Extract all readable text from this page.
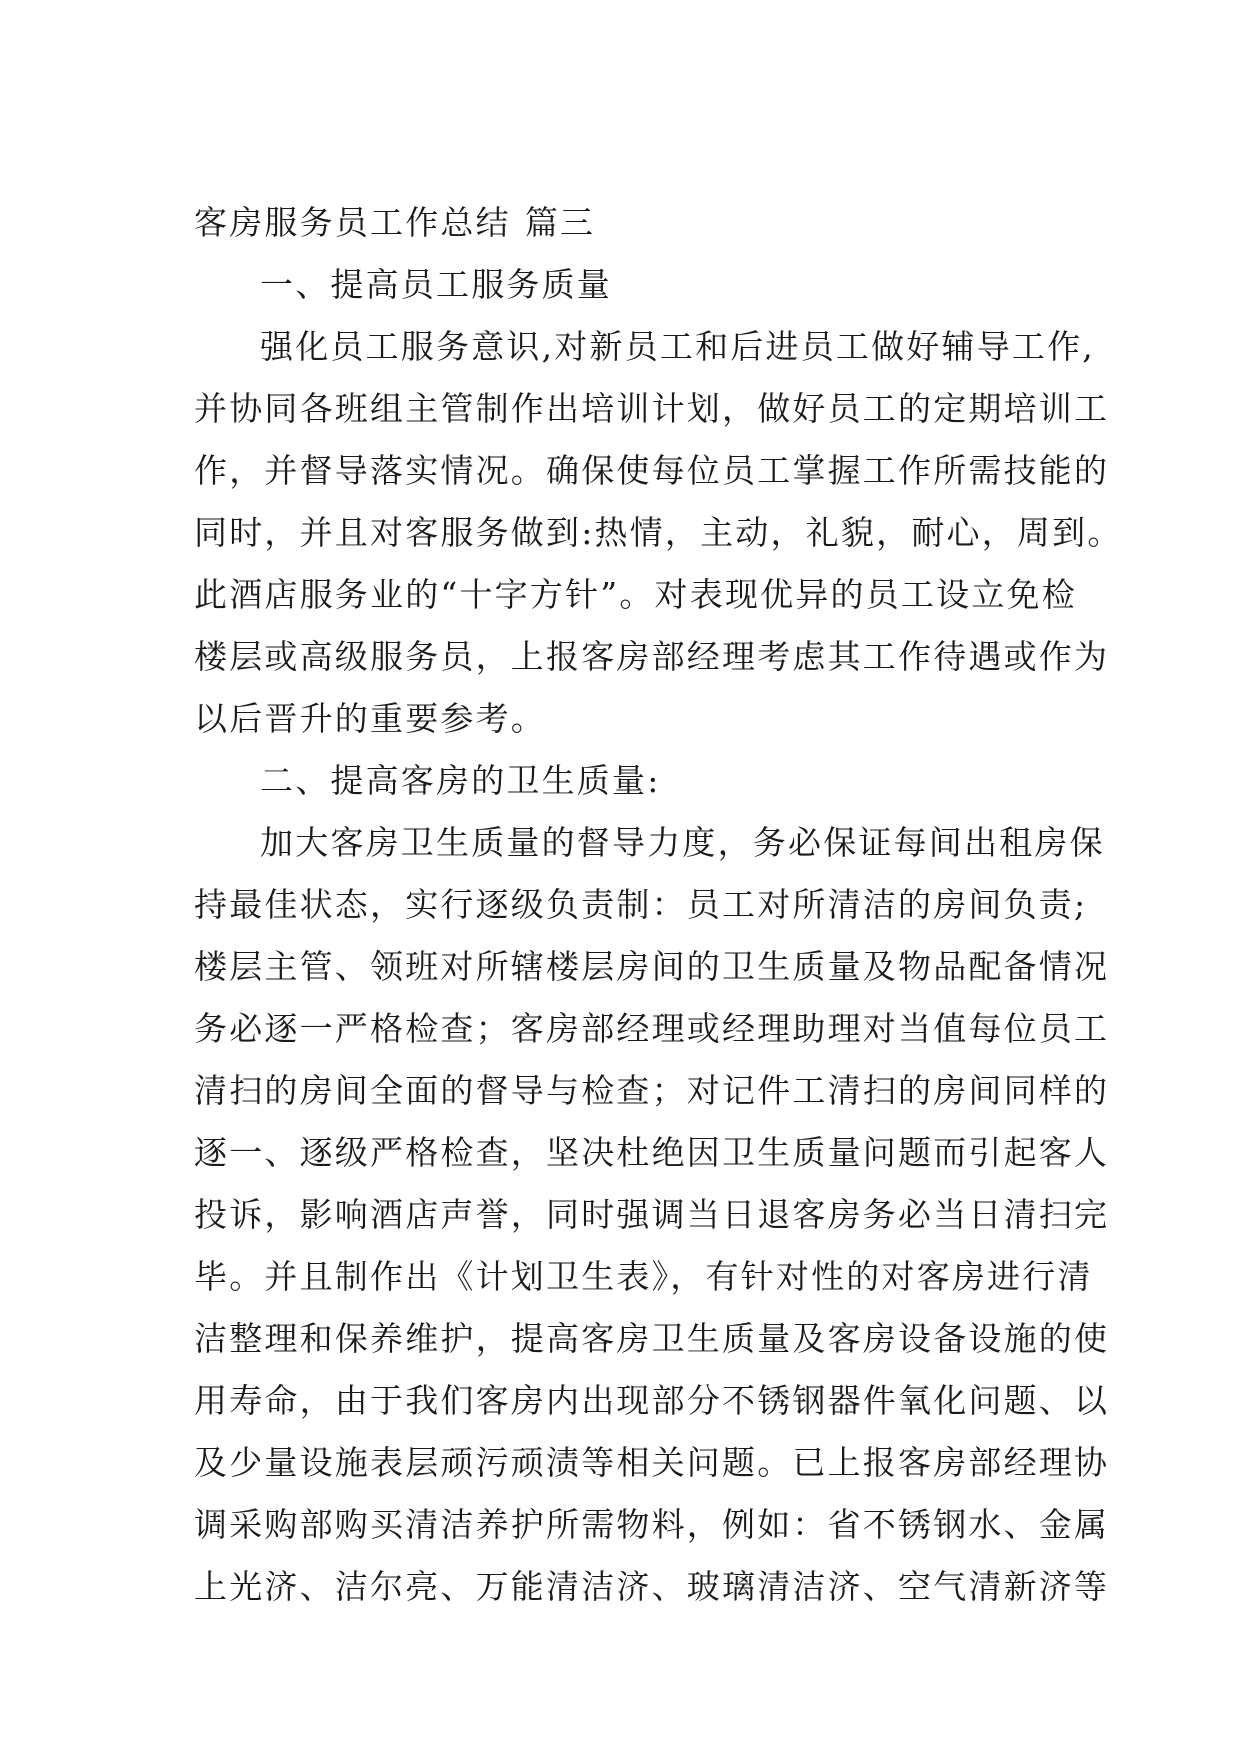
客房服务员工作总结 篇三
一、提高员工服务质量
强化员工服务意识,对新员工和后进员工做好辅导工作,
并协同各班组主管制作出培训计划，做好员工的定期培训工
作，并督导落实情况。确保使每位员工掌握工作所需技能的
同时，并且对客服务做到:热情，主动，礼貌，耐心，周到。
此酒店服务业的“十字方针”。对表现优异的员工设立免检
楼层或高级服务员，上报客房部经理考虑其工作待遇或作为
以后晋升的重要参考。
二、提高客房的卫生质量:
加大客房卫生质量的督导力度，务必保证每间出租房保
持最佳状态，实行逐级负责制：员工对所清洁的房间负责;
楼层主管、领班对所辖楼层房间的卫生质量及物品配备情况
务必逐一严格检查；客房部经理或经理助理对当值每位员工
清扫的房间全面的督导与检查；对记件工清扫的房间同样的
逐一、逐级严格检查，坚决杜绝因卫生质量问题而引起客人
投诉，影响酒店声誉，同时强调当日退客房务必当日清扫完
毕。并且制作出《计划卫生表》，有针对性的对客房进行清
洁整理和保养维护，提高客房卫生质量及客房设备设施的使
用寿命，由于我们客房内出现部分不锈钢器件氧化问题、以
及少量设施表层顽污顽渍等相关问题。已上报客房部经理协
调采购部购买清洁养护所需物料，例如：省不锈钢水、金属
上光济、洁尔亮、万能清洁济、玻璃清洁济、空气清新济等
